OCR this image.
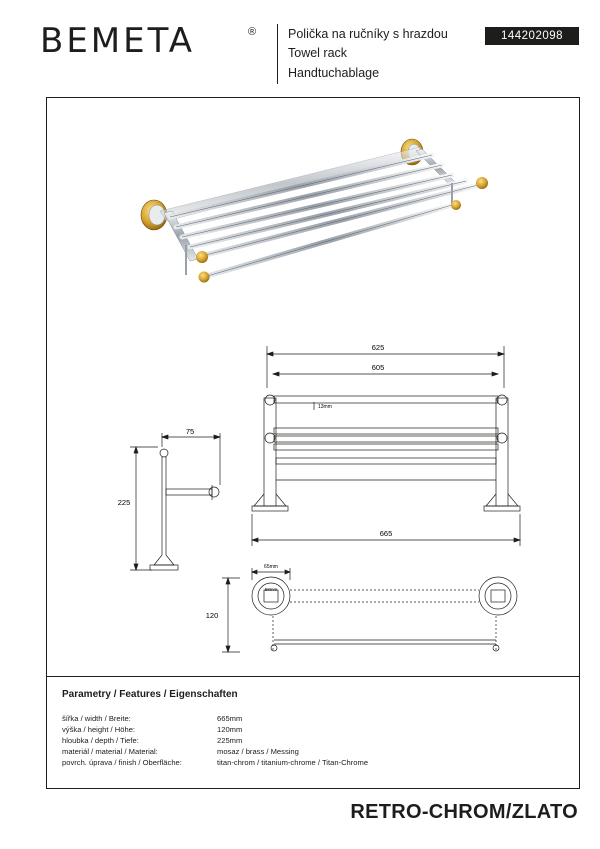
BEMETA	®	Polička na ručníky s hrazdou
Towel rack
Handtuchablage
144202098
625
605
13mm
665
75
225
65mm
58mm
120
Parametry / Features / Eigenschaften
šířka / width / Breite:	665mm
výška / height / Höhe:	120mm
hloubka / depth / Tiefe:	225mm
materiál / material / Material:	mosaz / brass / Messing
povrch. úprava / finish / Oberfläche:	titan-chrom / titanium-chrome / Titan-Chrome
RETRO-CHROM/ZLATO
